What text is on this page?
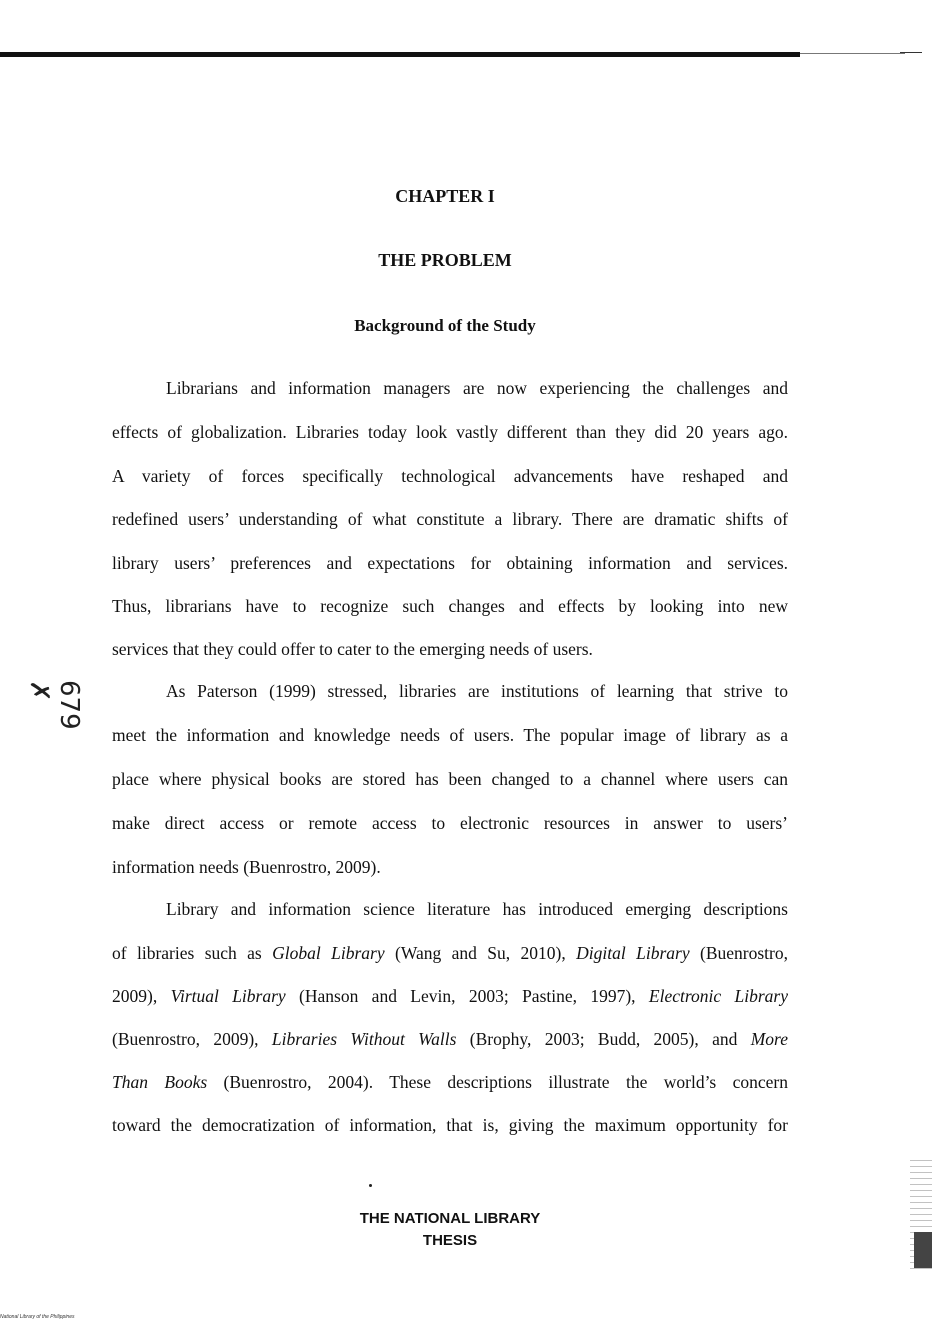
CHAPTER I
THE PROBLEM
Background of the Study
Librarians and information managers are now experiencing the challenges and
effects of globalization. Libraries today look vastly different than they did 20 years ago.
A variety of forces specifically technological advancements have reshaped and
redefined users’ understanding of what constitute a library. There are dramatic shifts of
library users’ preferences and expectations for obtaining information and services.
Thus, librarians have to recognize such changes and effects by looking into new
services that they could offer to cater to the emerging needs of users.
As Paterson (1999) stressed, libraries are institutions of learning that strive to
meet the information and knowledge needs of users. The popular image of library as a
place where physical books are stored has been changed to a channel where users can
make direct access or remote access to electronic resources in answer to users’
information needs (Buenrostro, 2009).
Library and information science literature has introduced emerging descriptions
of libraries such as Global Library (Wang and Su, 2010), Digital Library (Buenrostro,
2009), Virtual Library (Hanson and Levin, 2003; Pastine, 1997), Electronic Library
(Buenrostro, 2009), Libraries Without Walls (Brophy, 2003; Budd, 2005), and More
Than Books (Buenrostro, 2004). These descriptions illustrate the world’s concern
toward the democratization of information, that is, giving the maximum opportunity for
679 ✗
THE NATIONAL LIBRARY
THESIS
National Library of the Philippines
